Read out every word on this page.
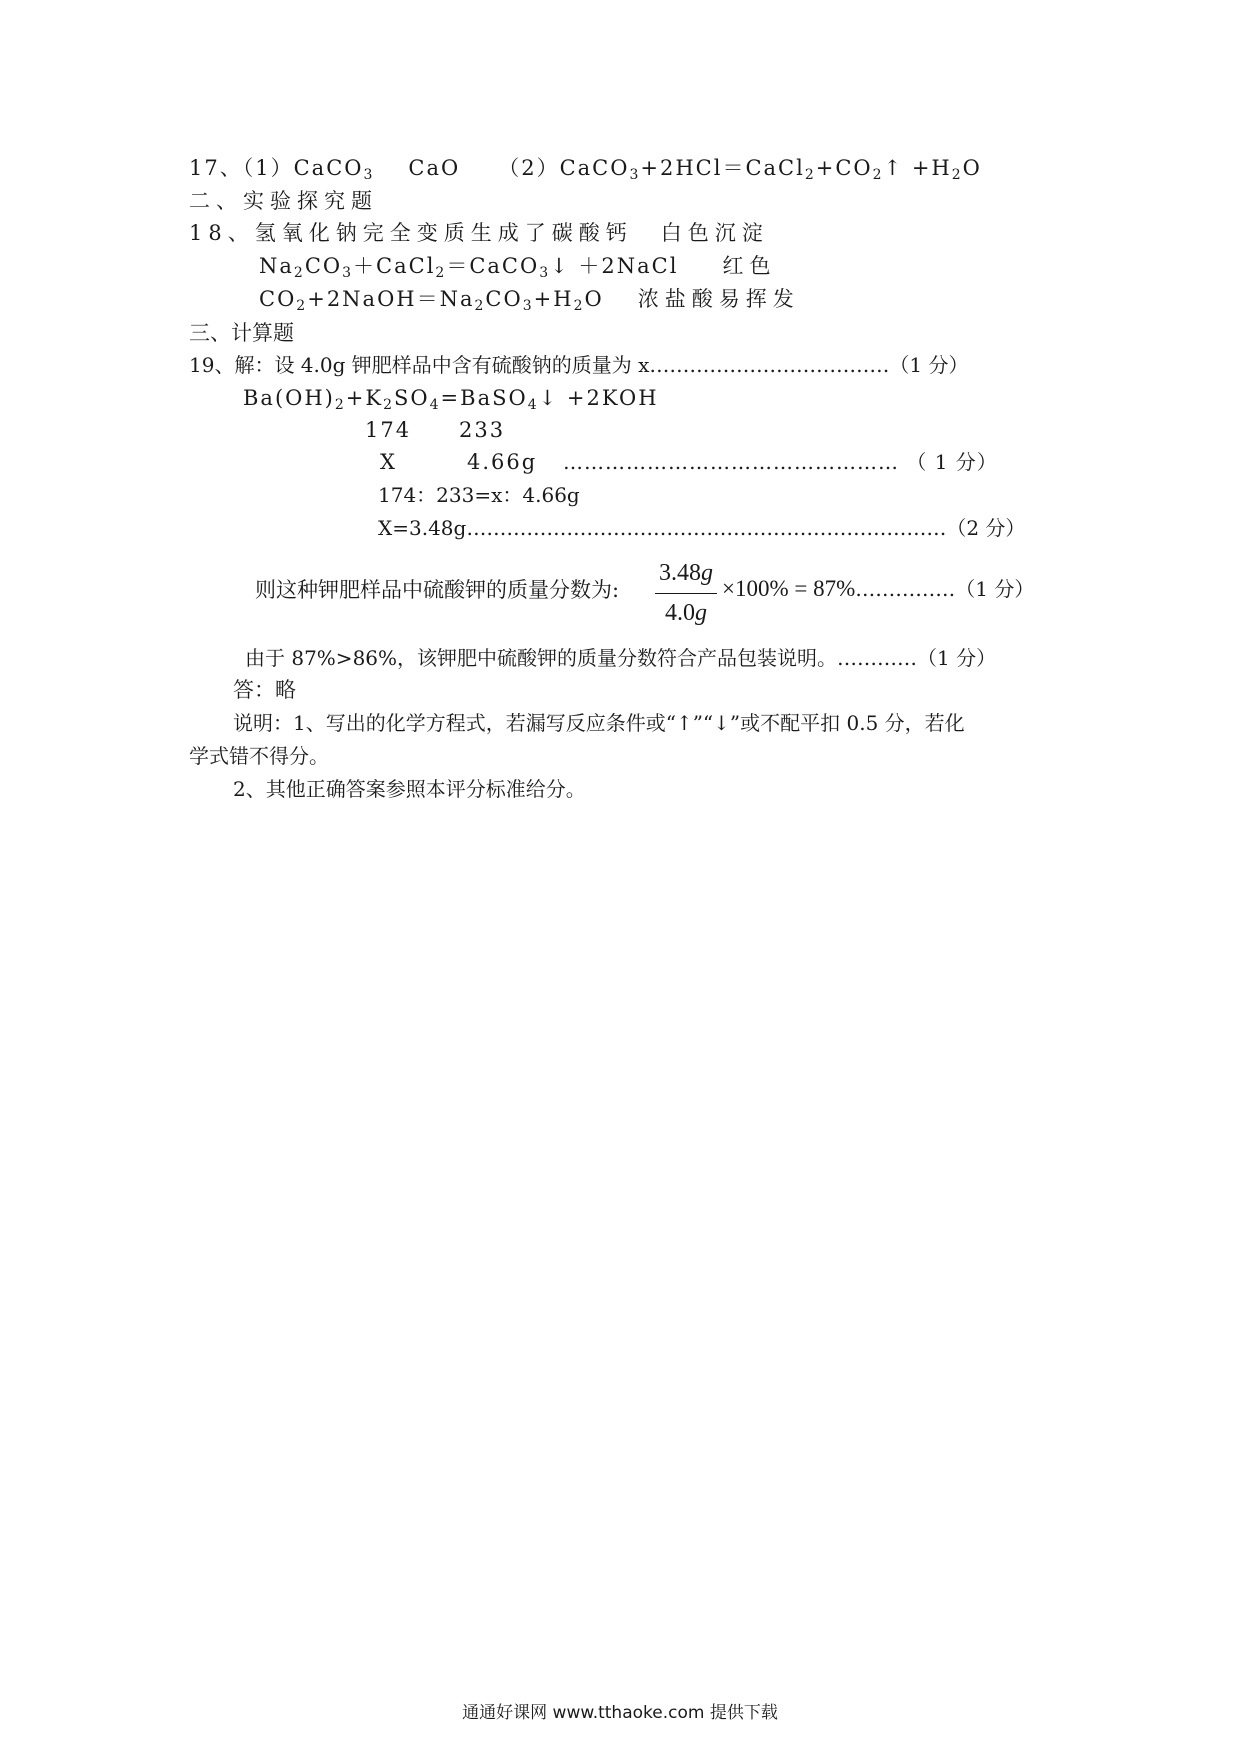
17、（1）CaCO$_3$ CaO $(2)CaCO_3+2HCl=CaCl_2+CO_2↑ +H_2O$
二、实验探究题
18、氢氧化钠完全变质生成了碳酸钙 白色沉淀
$Na_2CO_3+CaCl_2=CaCO_3↓$ ＋2NaCl 红色
$CO_2+2NaOH=Na_2CO_3+H_2O$ 浓盐酸易挥发
三、计算题
19、解：设 4.0g 钾肥样品中含有硫酸钠的质量为 x………………………………（1 分）
$Ba(OH)_2+K_2SO_4=BaSO_4↓ +2KOH$
174 233
X	4.66g ………………………………………… （ 1 分）
174：233=x：4.66g
X=3.48g………………………………………………………………（2 分）
则这种钾肥样品中硫酸钾的质量分数为: $\frac{3.48g}{4.0g} \times 100\%$ = 87%……………（1 分）
由于 87%>86%，该钾肥中硫酸钾的质量分数符合产品包装说明。…………（1 分）
答：略
说明：1、写出的化学方程式，若漏写反应条件或“↑”“↓”或不配平扣 0.5 分，若化
学式错不得分。
2、其他正确答案参照本评分标准给分。
通通好课网 www.tthaoke.com 提供下载
